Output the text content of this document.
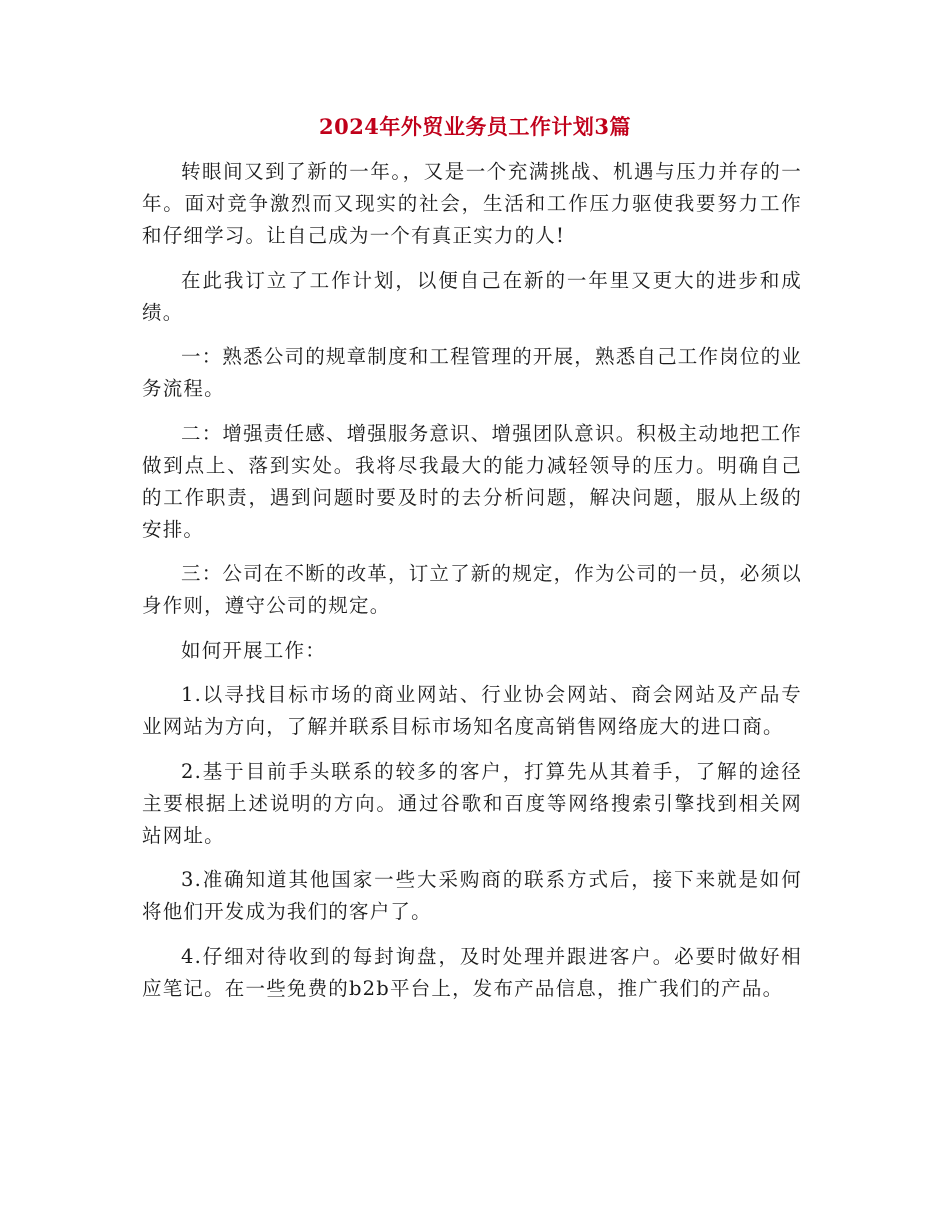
2024年外贸业务员工作计划3篇

转眼间又到了新的一年。，又是一个充满挑战、机遇与压力并存的一年。面对竞争激烈而又现实的社会，生活和工作压力驱使我要努力工作和仔细学习。让自己成为一个有真正实力的人!

在此我订立了工作计划，以便自己在新的一年里又更大的进步和成绩。

一：熟悉公司的规章制度和工程管理的开展，熟悉自己工作岗位的业务流程。

二：增强责任感、增强服务意识、增强团队意识。积极主动地把工作做到点上、落到实处。我将尽我最大的能力减轻领导的压力。明确自己的工作职责，遇到问题时要及时的去分析问题，解决问题，服从上级的安排。

三：公司在不断的改革，订立了新的规定，作为公司的一员，必须以身作则，遵守公司的规定。

如何开展工作：

1.以寻找目标市场的商业网站、行业协会网站、商会网站及产品专业网站为方向，了解并联系目标市场知名度高销售网络庞大的进口商。

2.基于目前手头联系的较多的客户，打算先从其着手，了解的途径主要根据上述说明的方向。通过谷歌和百度等网络搜索引擎找到相关网站网址。

3.准确知道其他国家一些大采购商的联系方式后，接下来就是如何将他们开发成为我们的客户了。

4.仔细对待收到的每封询盘，及时处理并跟进客户。必要时做好相应笔记。在一些免费的b2b平台上，发布产品信息，推广我们的产品。
